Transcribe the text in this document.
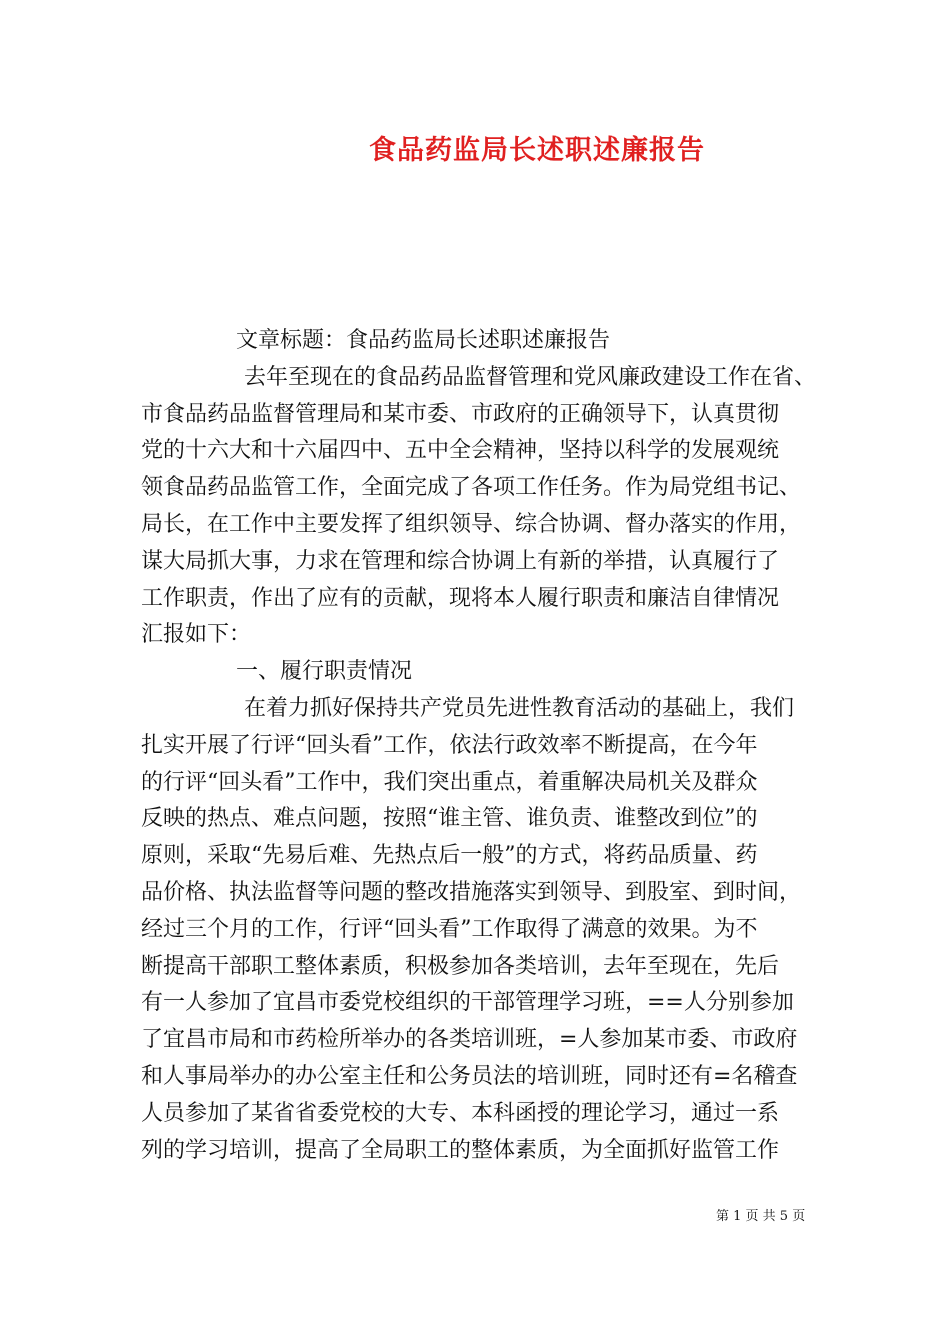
食品药监局长述职述廉报告
文章标题：食品药监局长述职述廉报告
去年至现在的食品药品监督管理和党风廉政建设工作在省、
市食品药品监督管理局和某市委、市政府的正确领导下，认真贯彻
党的十六大和十六届四中、五中全会精神，坚持以科学的发展观统
领食品药品监管工作，全面完成了各项工作任务。作为局党组书记、
局长，在工作中主要发挥了组织领导、综合协调、督办落实的作用，
谋大局抓大事，力求在管理和综合协调上有新的举措，认真履行了
工作职责，作出了应有的贡献，现将本人履行职责和廉洁自律情况
汇报如下：
一、履行职责情况
在着力抓好保持共产党员先进性教育活动的基础上，我们
扎实开展了行评“回头看”工作，依法行政效率不断提高，在今年
的行评“回头看”工作中，我们突出重点，着重解决局机关及群众
反映的热点、难点问题，按照“谁主管、谁负责、谁整改到位”的
原则，采取“先易后难、先热点后一般”的方式，将药品质量、药
品价格、执法监督等问题的整改措施落实到领导、到股室、到时间，
经过三个月的工作，行评“回头看”工作取得了满意的效果。为不
断提高干部职工整体素质，积极参加各类培训，去年至现在，先后
有一人参加了宜昌市委党校组织的干部管理学习班，==人分别参加
了宜昌市局和市药检所举办的各类培训班，=人参加某市委、市政府
和人事局举办的办公室主任和公务员法的培训班，同时还有=名稽查
人员参加了某省省委党校的大专、本科函授的理论学习，通过一系
列的学习培训，提高了全局职工的整体素质，为全面抓好监管工作
第 1 页 共 5 页
